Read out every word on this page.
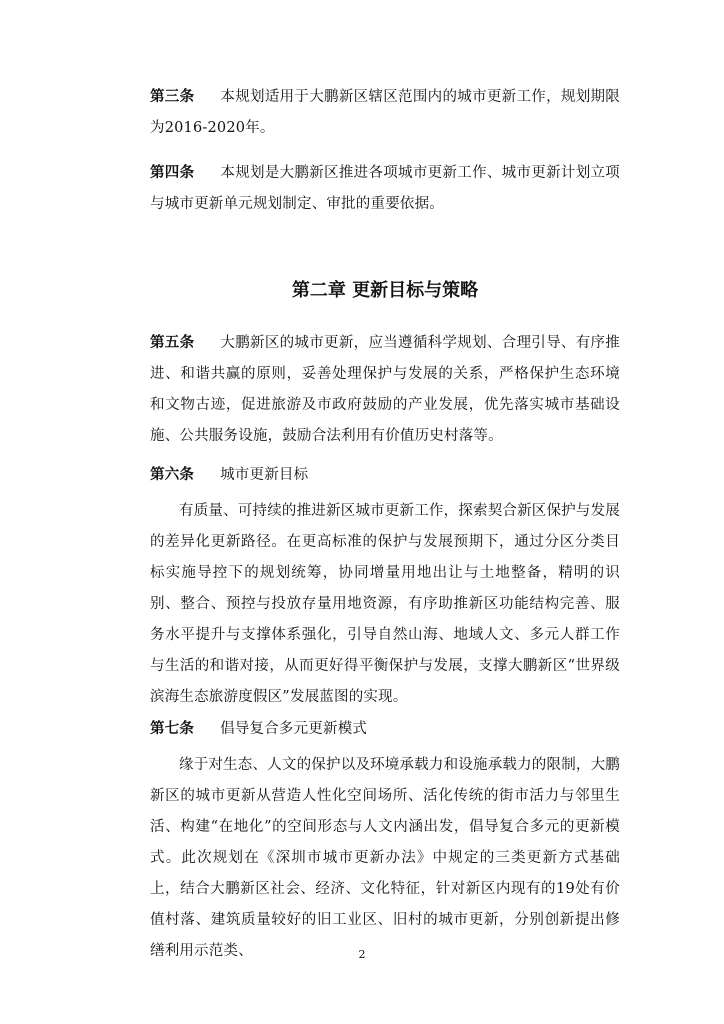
第三条 本规划适用于大鹏新区辖区范围内的城市更新工作，规划期限为2016-2020年。
第四条 本规划是大鹏新区推进各项城市更新工作、城市更新计划立项与城市更新单元规划制定、审批的重要依据。
第二章 更新目标与策略
第五条 大鹏新区的城市更新，应当遵循科学规划、合理引导、有序推进、和谐共赢的原则，妥善处理保护与发展的关系，严格保护生态环境和文物古迹，促进旅游及市政府鼓励的产业发展，优先落实城市基础设施、公共服务设施，鼓励合法利用有价值历史村落等。
第六条 城市更新目标
有质量、可持续的推进新区城市更新工作，探索契合新区保护与发展的差异化更新路径。在更高标准的保护与发展预期下，通过分区分类目标实施导控下的规划统筹，协同增量用地出让与土地整备，精明的识别、整合、预控与投放存量用地资源，有序助推新区功能结构完善、服务水平提升与支撑体系强化，引导自然山海、地域人文、多元人群工作与生活的和谐对接，从而更好得平衡保护与发展，支撑大鹏新区“世界级滨海生态旅游度假区”发展蓝图的实现。
第七条 倡导复合多元更新模式
缘于对生态、人文的保护以及环境承载力和设施承载力的限制，大鹏新区的城市更新从营造人性化空间场所、活化传统的街市活力与邻里生活、构建“在地化”的空间形态与人文内涵出发，倡导复合多元的更新模式。此次规划在《深圳市城市更新办法》中规定的三类更新方式基础上，结合大鹏新区社会、经济、文化特征，针对新区内现有的19处有价值村落、建筑质量较好的旧工业区、旧村的城市更新，分别创新提出修缮利用示范类、	2
